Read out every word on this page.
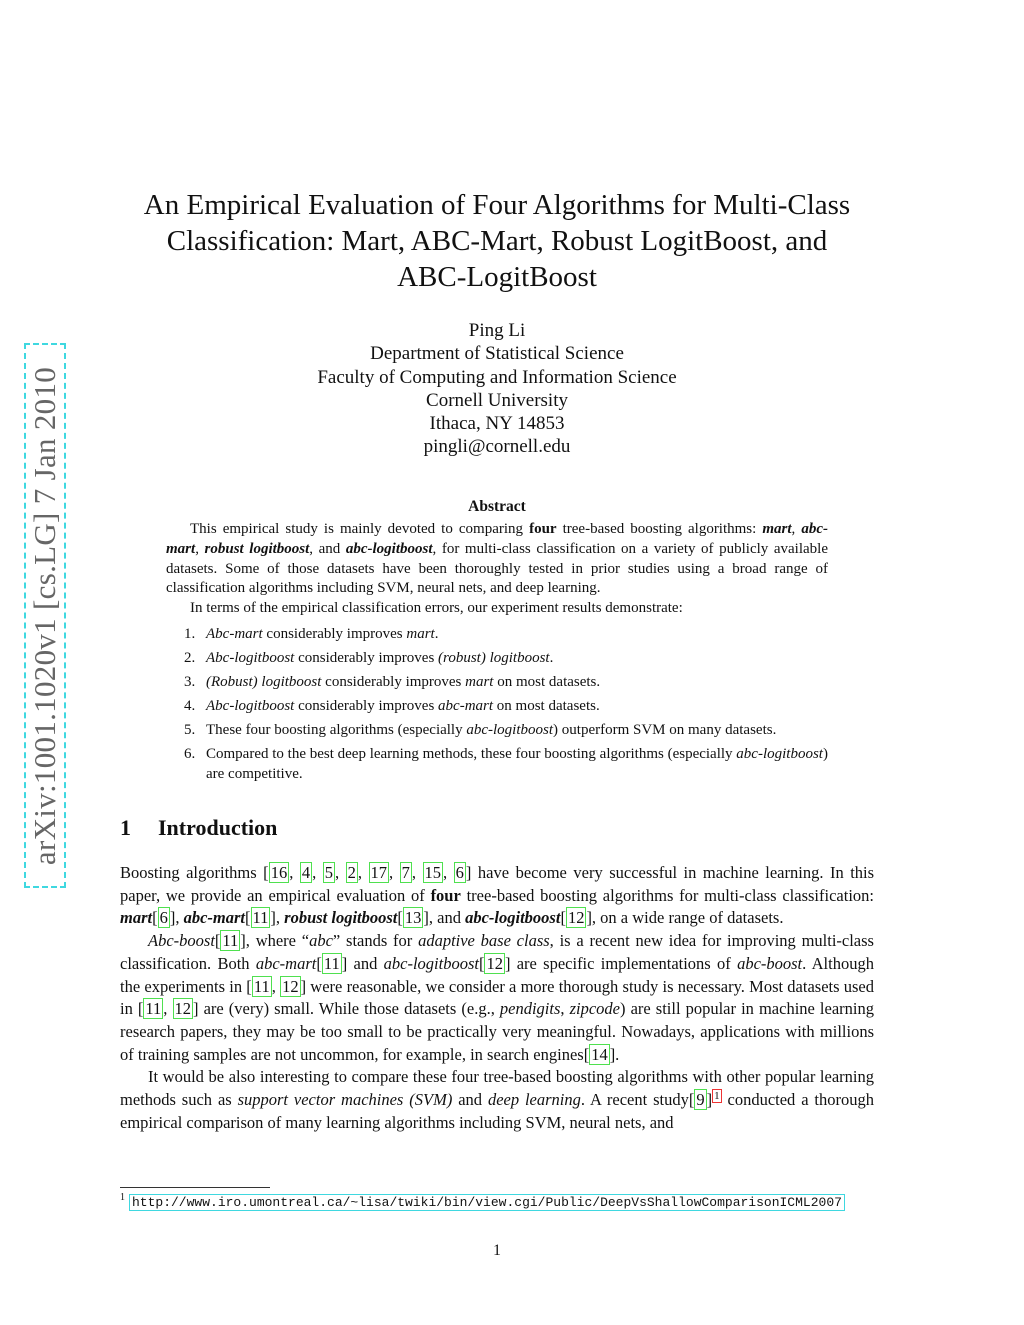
arXiv:1001.1020v1 [cs.LG] 7 Jan 2010
An Empirical Evaluation of Four Algorithms for Multi-Class
Classification: Mart, ABC-Mart, Robust LogitBoost, and
ABC-LogitBoost
Ping Li
Department of Statistical Science
Faculty of Computing and Information Science
Cornell University
Ithaca, NY 14853
pingli@cornell.edu
Abstract

This empirical study is mainly devoted to comparing four tree-based boosting algorithms: mart, abc-mart, robust logitboost, and abc-logitboost, for multi-class classification on a variety of publicly available datasets. Some of those datasets have been thoroughly tested in prior studies using a broad range of classification algorithms including SVM, neural nets, and deep learning.

In terms of the empirical classification errors, our experiment results demonstrate:

1. Abc-mart considerably improves mart.
2. Abc-logitboost considerably improves (robust) logitboost.
3. (Robust) logitboost considerably improves mart on most datasets.
4. Abc-logitboost considerably improves abc-mart on most datasets.
5. These four boosting algorithms (especially abc-logitboost) outperform SVM on many datasets.
6. Compared to the best deep learning methods, these four boosting algorithms (especially abc-logitboost) are competitive.
1 Introduction

Boosting algorithms [ 16 , 4 , 5 , 2 , 17 , 7 , 15 , 6 ] have become very successful in machine learning. In this paper, we provide an empirical evaluation of four tree-based boosting algorithms for multi-class classification: mart[ 6 ], abc-mart[ 11 ], robust logitboost[ 13 ], and abc-logitboost[ 12 ], on a wide range of datasets.

Abc-boost[ 11 ], where “abc” stands for adaptive base class, is a recent new idea for improving multi-class classification. Both abc-mart[ 11 ] and abc-logitboost[ 12 ] are specific implementations of abc-boost. Although the experiments in [ 11 , 12 ] were reasonable, we consider a more thorough study is necessary. Most datasets used in [ 11 , 12 ] are (very) small. While those datasets (e.g., pendigits, zipcode) are still popular in machine learning research papers, they may be too small to be practically very meaningful. Nowadays, applications with millions of training samples are not uncommon, for example, in search engines[ 14 ].

It would be also interesting to compare these four tree-based boosting algorithms with other popular learning methods such as support vector machines (SVM) and deep learning. A recent study[ 9 ] $^1$ conducted a thorough empirical comparison of many learning algorithms including SVM, neural nets, and

$^1$ http://www.iro.umontreal.ca/~lisa/twiki/bin/view.cgi/Public/DeepVsShallowComparisonICML2007
1
